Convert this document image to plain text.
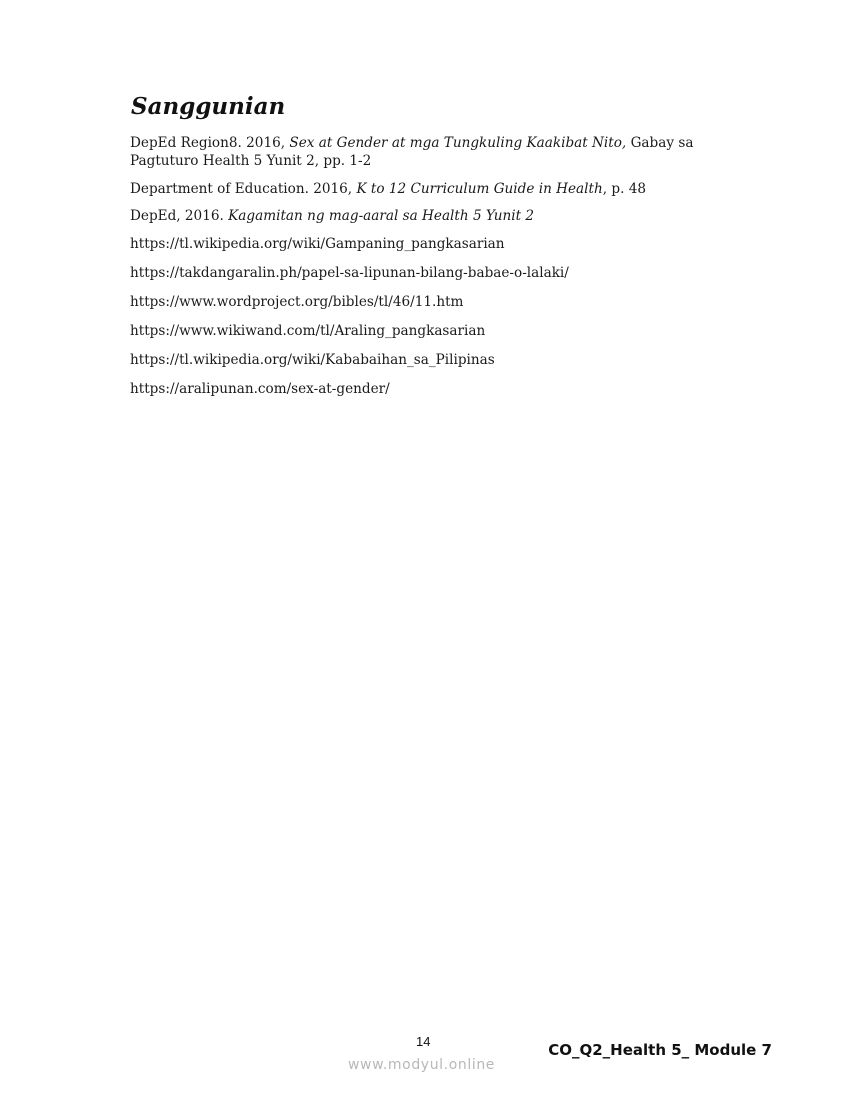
Sanggunian
DepEd Region8. 2016, Sex at Gender at mga Tungkuling Kaakibat Nito, Gabay sa Pagtuturo Health 5 Yunit 2, pp. 1-2
Department of Education. 2016, K to 12 Curriculum Guide in Health, p. 48
DepEd, 2016. Kagamitan ng mag-aaral sa Health 5 Yunit 2
https://tl.wikipedia.org/wiki/Gampaning_pangkasarian
https://takdangaralin.ph/papel-sa-lipunan-bilang-babae-o-lalaki/
https://www.wordproject.org/bibles/tl/46/11.htm
https://www.wikiwand.com/tl/Araling_pangkasarian
https://tl.wikipedia.org/wiki/Kababaihan_sa_Pilipinas
https://aralipunan.com/sex-at-gender/
14
www.modyul.online
CO_Q2_Health 5_ Module 7
